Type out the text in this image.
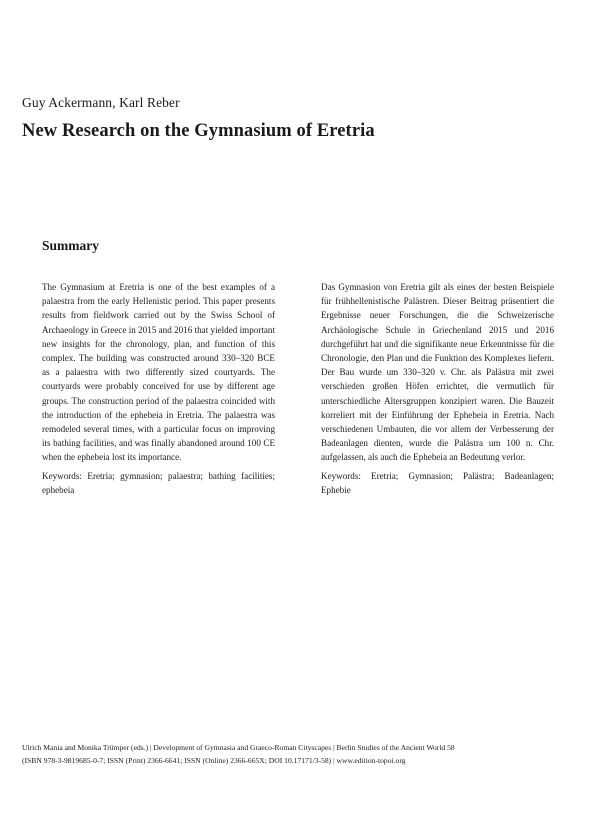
Guy Ackermann, Karl Reber
New Research on the Gymnasium of Eretria
Summary

The Gymnasium at Eretria is one of the best examples of a palaestra from the early Hellenistic period. This paper presents results from fieldwork carried out by the Swiss School of Archaeology in Greece in 2015 and 2016 that yielded important new insights for the chronology, plan, and function of this complex. The building was constructed around 330–320 BCE as a palaestra with two differently sized courtyards. The courtyards were probably conceived for use by different age groups. The construction period of the palaestra coincided with the introduction of the ephebeia in Eretria. The palaestra was remodeled several times, with a particular focus on improving its bathing facilities, and was finally abandoned around 100 CE when the ephebeia lost its importance.

Keywords: Eretria; gymnasion; palaestra; bathing facilities; ephebeia

Das Gymnasion von Eretria gilt als eines der besten Beispiele für frühhellenistische Palästren. Dieser Beitrag präsentiert die Ergebnisse neuer Forschungen, die die Schweizerische Archäologische Schule in Griechenland 2015 und 2016 durchgeführt hat und die signifikante neue Erkenntnisse für die Chronologie, den Plan und die Funktion des Komplexes liefern. Der Bau wurde um 330–320 v. Chr. als Palästra mit zwei verschieden großen Höfen errichtet, die vermutlich für unterschiedliche Altersgruppen konzipiert waren. Die Bauzeit korreliert mit der Einführung der Ephebeia in Eretria. Nach verschiedenen Umbauten, die vor allem der Verbesserung der Badeanlagen dienten, wurde die Palästra um 100 n. Chr. aufgelassen, als auch die Ephebeia an Bedeutung verlor.

Keywords: Eretria; Gymnasion; Palästra; Badeanlagen; Ephebie

Ulrich Mania and Monika Trümper (eds.) | Development of Gymnasia and Graeco-Roman Cityscapes | Berlin Studies of the Ancient World 58
(ISBN 978-3-9819685-0-7; ISSN (Print) 2366-6641; ISSN (Online) 2366-665X; DOI 10.17171/3-58) | www.edition-topoi.org
